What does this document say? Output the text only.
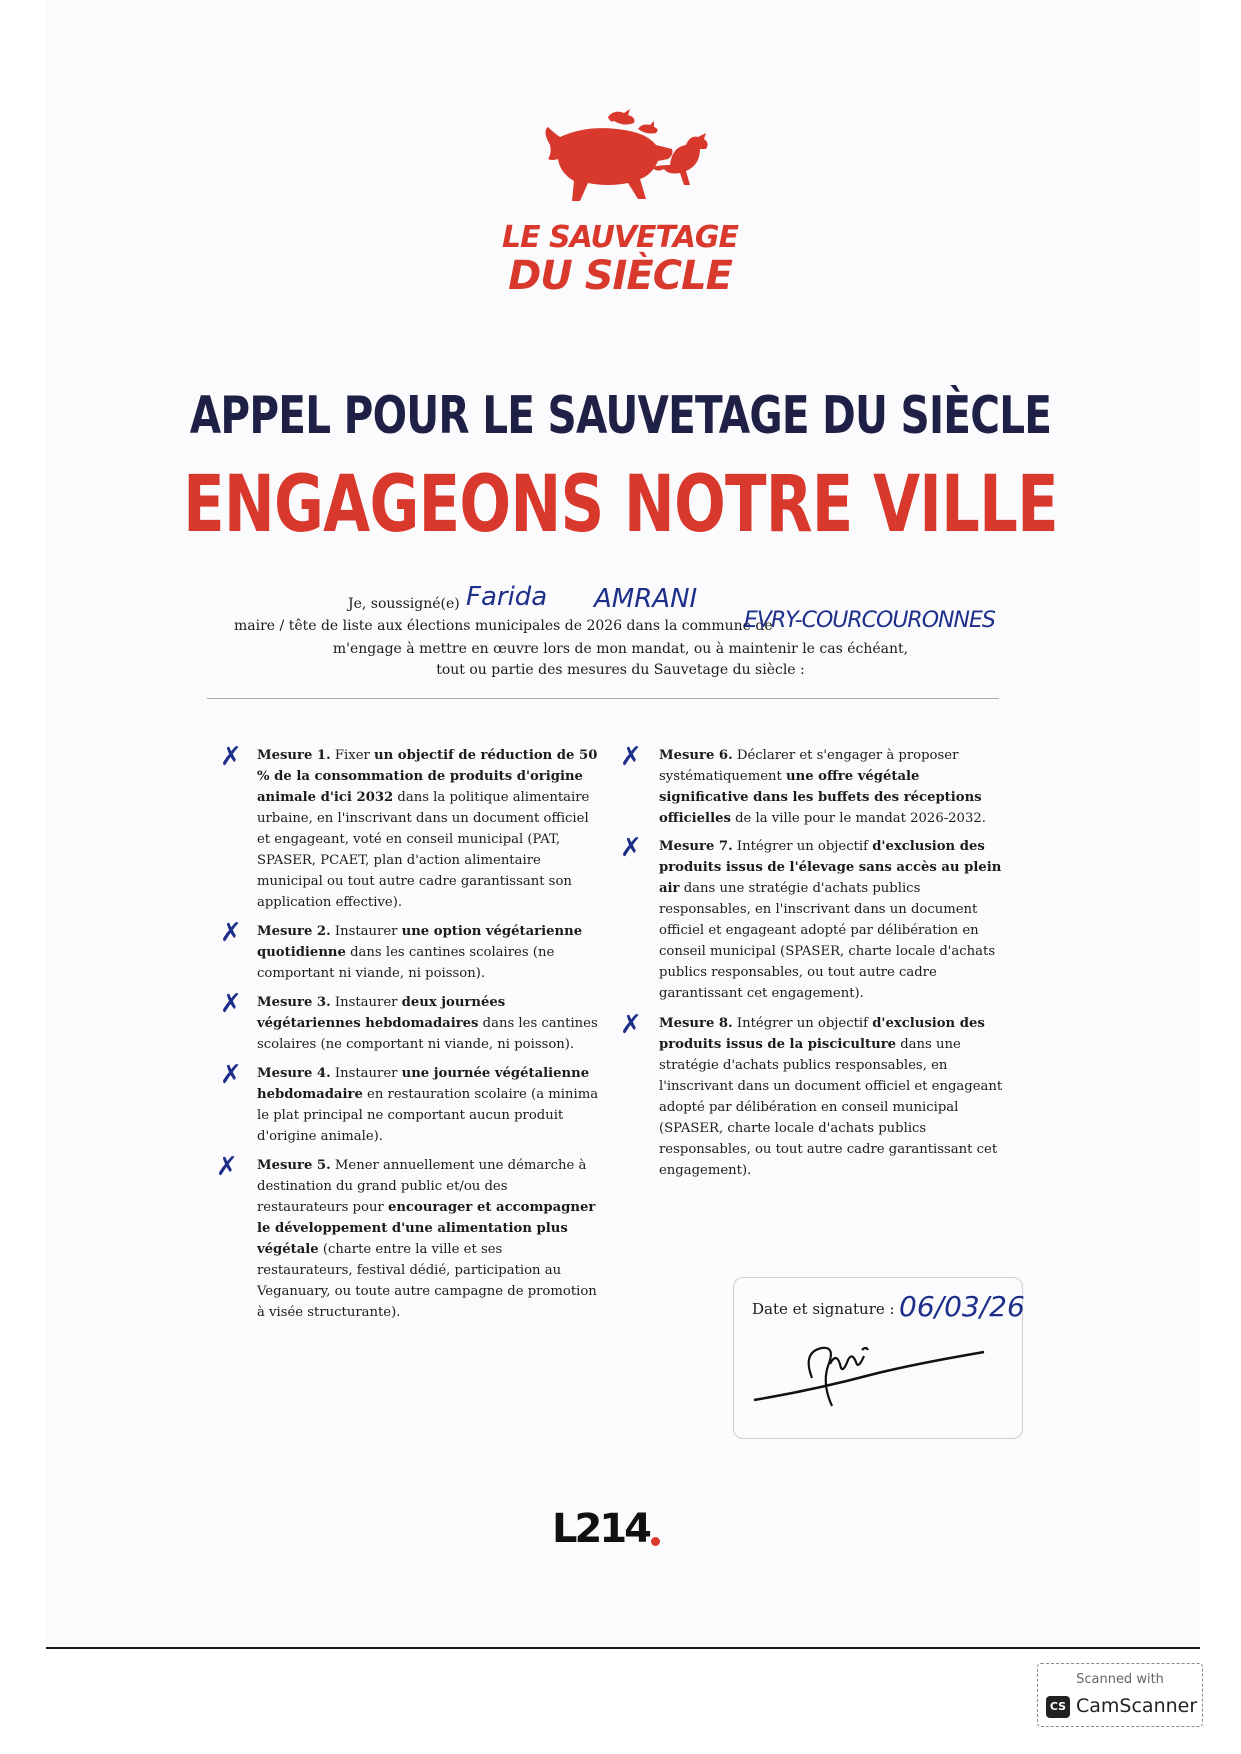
LE SAUVETAGE
DU SIÈCLE
APPEL POUR LE SAUVETAGE DU SIÈCLE
ENGAGEONS NOTRE VILLE
Je, soussigné(e) Farida AMRANI
maire / tête de liste aux élections municipales de 2026 dans la commune de
EVRY-COURCOURONNES
m'engage à mettre en œuvre lors de mon mandat, ou à maintenir le cas échéant,
tout ou partie des mesures du Sauvetage du siècle :
✗ Mesure 1. Fixer un objectif de réduction de 50 % de la consommation de produits d'origine animale d'ici 2032 dans la politique alimentaire urbaine, en l'inscrivant dans un document officiel et engageant, voté en conseil municipal (PAT, SPASER, PCAET, plan d'action alimentaire municipal ou tout autre cadre garantissant son application effective).
✗ Mesure 2. Instaurer une option végétarienne quotidienne dans les cantines scolaires (ne comportant ni viande, ni poisson).
✗ Mesure 3. Instaurer deux journées végétariennes hebdomadaires dans les cantines scolaires (ne comportant ni viande, ni poisson).
✗ Mesure 4. Instaurer une journée végétalienne hebdomadaire en restauration scolaire (a minima le plat principal ne comportant aucun produit d'origine animale).
✗ Mesure 5. Mener annuellement une démarche à destination du grand public et/ou des restaurateurs pour encourager et accompagner le développement d'une alimentation plus végétale (charte entre la ville et ses restaurateurs, festival dédié, participation au Veganuary, ou toute autre campagne de promotion à visée structurante).
✗ Mesure 6. Déclarer et s'engager à proposer systématiquement une offre végétale significative dans les buffets des réceptions officielles de la ville pour le mandat 2026-2032.
✗ Mesure 7. Intégrer un objectif d'exclusion des produits issus de l'élevage sans accès au plein air dans une stratégie d'achats publics responsables, en l'inscrivant dans un document officiel et engageant adopté par délibération en conseil municipal (SPASER, charte locale d'achats publics responsables, ou tout autre cadre garantissant cet engagement).
✗ Mesure 8. Intégrer un objectif d'exclusion des produits issus de la pisciculture dans une stratégie d'achats publics responsables, en l'inscrivant dans un document officiel et engageant adopté par délibération en conseil municipal (SPASER, charte locale d'achats publics responsables, ou tout autre cadre garantissant cet engagement).
Date et signature : 06/03/26
L214
Scanned with
CS CamScanner
